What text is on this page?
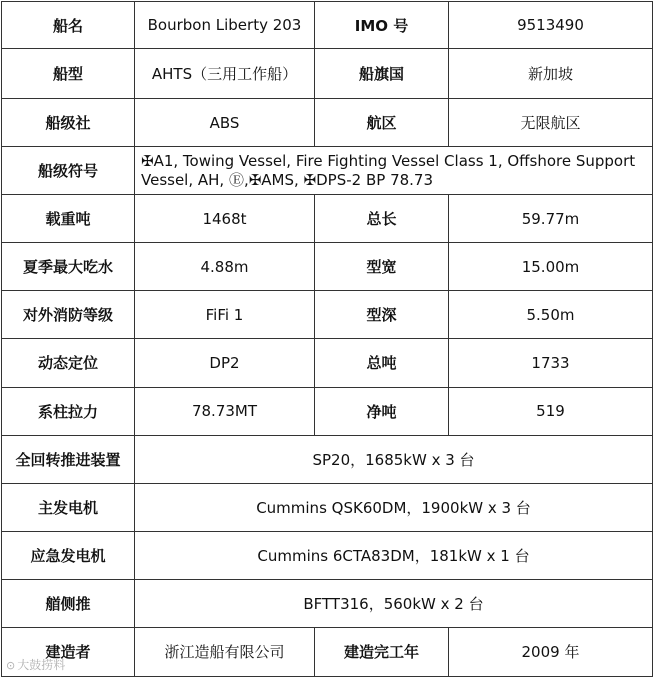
船名	Bourbon Liberty 203	IMO 号	9513490
船型	AHTS（三用工作船）	船旗国	新加坡
船级社	ABS	航区	无限航区
船级符号	✠A1, Towing Vessel, Fire Fighting Vessel Class 1, Offshore Support Vessel, AH, Ⓔ,✠AMS, ✠DPS-2 BP 78.73		
载重吨	1468t	总长	59.77m
夏季最大吃水	4.88m	型宽	15.00m
对外消防等级	FiFi 1	型深	5.50m
动态定位	DP2	总吨	1733
系柱拉力	78.73MT	净吨	519
全回转推进装置	SP20，1685kW x 3 台		
主发电机	Cummins QSK60DM，1900kW x 3 台		
应急发电机	Cummins 6CTA83DM，181kW x 1 台		
艏侧推	BFTT316，560kW x 2 台		
建造者	浙江造船有限公司	建造完工年	2009 年
⊙ 大鼓捞料
